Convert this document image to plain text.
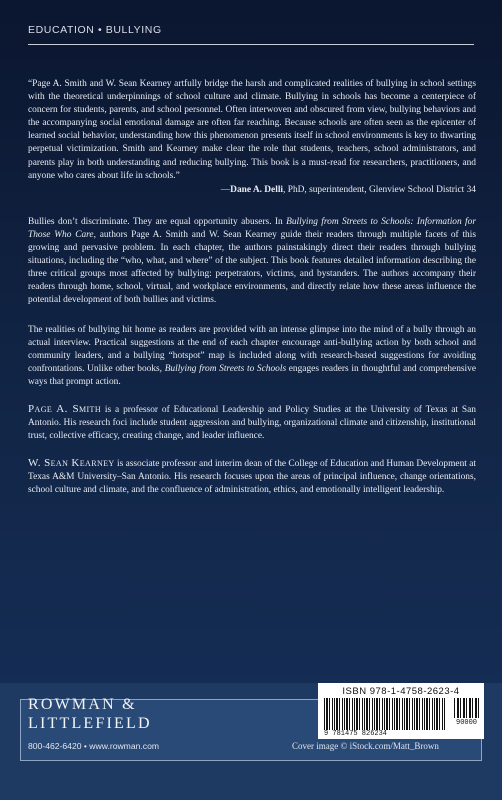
EDUCATION • BULLYING

“Page A. Smith and W. Sean Kearney artfully bridge the harsh and complicated realities of bullying in school settings with the theoretical underpinnings of school culture and climate. Bullying in schools has become a centerpiece of concern for students, parents, and school personnel. Often interwoven and obscured from view, bullying behaviors and the accompanying social emotional damage are often far reaching. Because schools are often seen as the epicenter of learned social behavior, understanding how this phenomenon presents itself in school environments is key to thwarting perpetual victimization. Smith and Kearney make clear the role that students, teachers, school administrators, and parents play in both understanding and reducing bullying. This book is a must-read for researchers, practitioners, and anyone who cares about life in schools.”

—Dane A. Delli, PhD, superintendent, Glenview School District 34

Bullies don’t discriminate. They are equal opportunity abusers. In Bullying from Streets to Schools: Information for Those Who Care, authors Page A. Smith and W. Sean Kearney guide their readers through multiple facets of this growing and pervasive problem. In each chapter, the authors painstakingly direct their readers through bullying situations, including the “who, what, and where” of the subject. This book features detailed information describing the three critical groups most affected by bullying: perpetrators, victims, and bystanders. The authors accompany their readers through home, school, virtual, and workplace environments, and directly relate how these areas influence the potential development of both bullies and victims.

The realities of bullying hit home as readers are provided with an intense glimpse into the mind of a bully through an actual interview. Practical suggestions at the end of each chapter encourage anti-bullying action by both school and community leaders, and a bullying “hotspot” map is included along with research-based suggestions for avoiding confrontations. Unlike other books, Bullying from Streets to Schools engages readers in thoughtful and comprehensive ways that prompt action.

Page A. Smith is a professor of Educational Leadership and Policy Studies at the University of Texas at San Antonio. His research foci include student aggression and bullying, organizational climate and citizenship, institutional trust, collective efficacy, creating change, and leader influence.

W. Sean Kearney is associate professor and interim dean of the College of Education and Human Development at Texas A&M University–San Antonio. His research focuses upon the areas of principal influence, change orientations, school culture and climate, and the confluence of administration, ethics, and emotionally intelligent leadership.

ROWMAN &
LITTLEFIELD
800-462-6420 • www.rowman.com
ISBN 978-1-4758-2623-4
9 781475 826234
90000
Cover image © iStock.com/Matt_Brown
